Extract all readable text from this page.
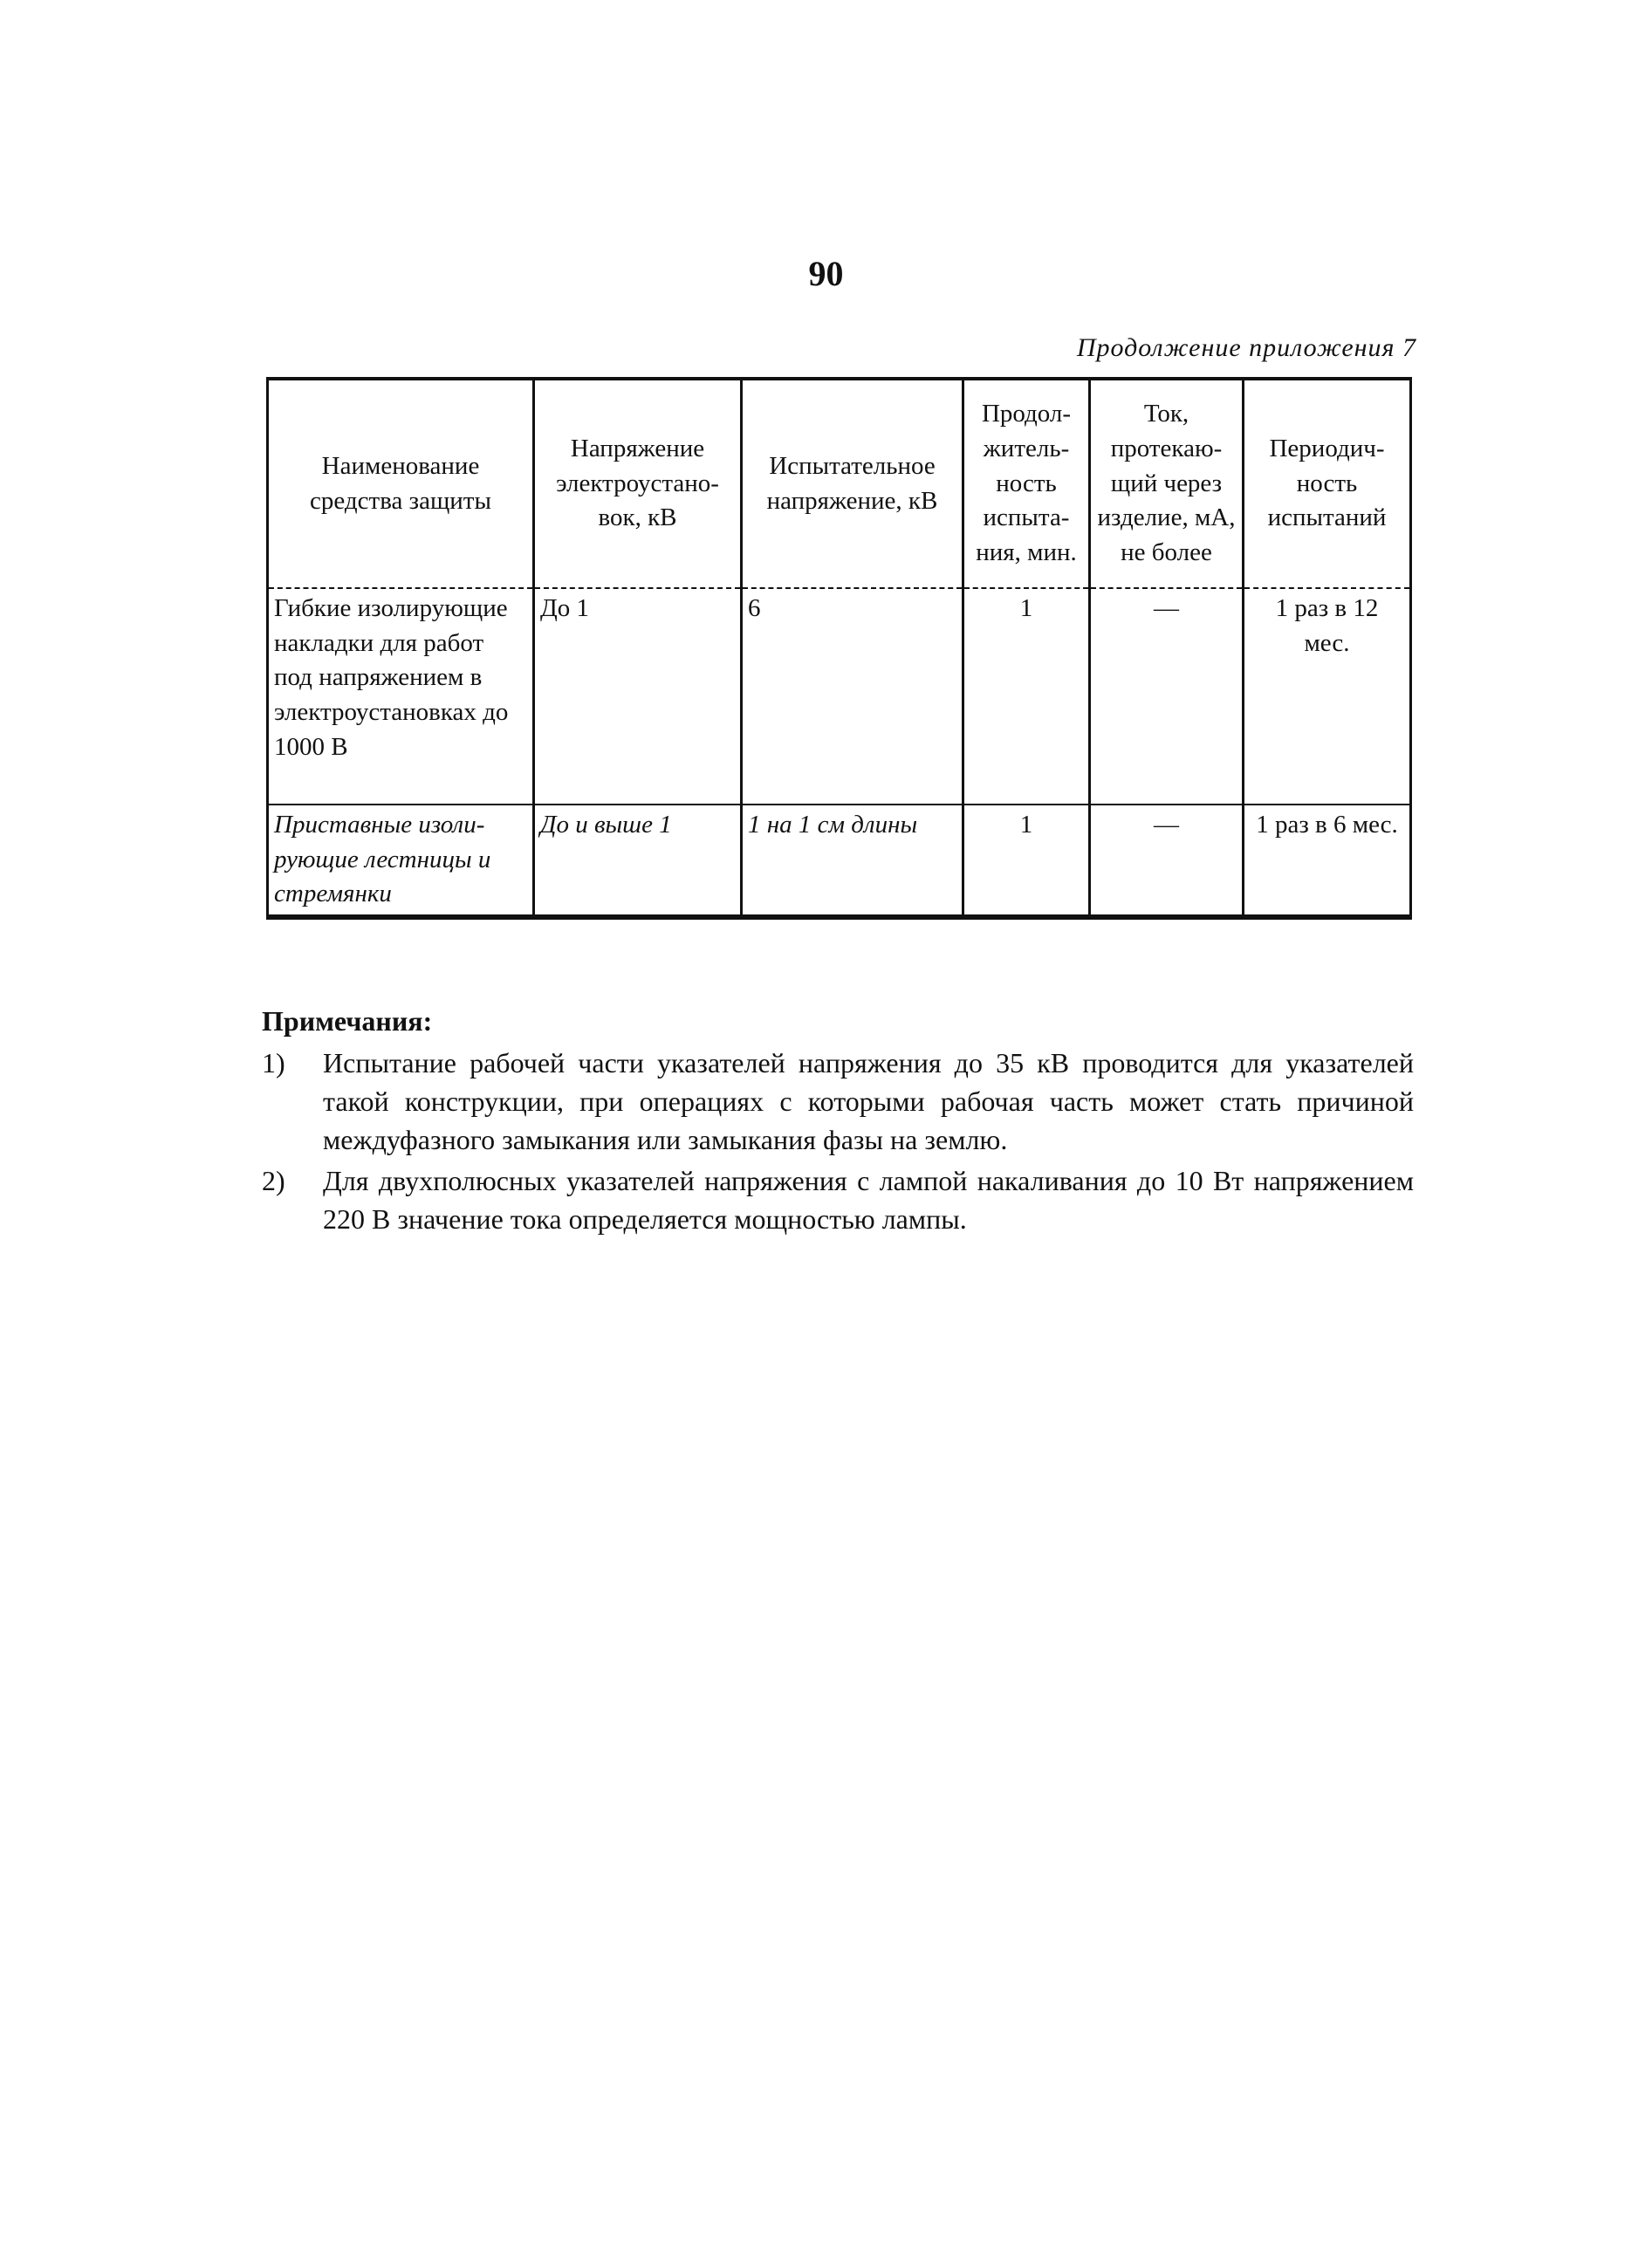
90
Продолжение приложения 7
Наименование средства защиты	Напряжение электроустано-вок, кВ	Испытательное напряжение, кВ	Продол-житель-ность испыта-ния, мин.	Ток, протекаю-щий через изделие, мА, не более	Периодич-ность испытаний
Гибкие изолирующие накладки для работ под напряжением в электроустановках до 1000 В	До 1	6	1	—	1 раз в 12 мес.
Приставные изоли-рующие лестницы и стремянки	До и выше 1	1 на 1 см длины	1	—	1 раз в 6 мес.
Примечания:
1)	Испытание рабочей части указателей напряжения до 35 кВ проводится для указателей такой конструкции, при операциях с которыми рабочая часть может стать причиной междуфазного замыкания или замыкания фазы на землю.
2)	Для двухполюсных указателей напряжения с лампой накаливания до 10 Вт напряжением 220 В значение тока определяется мощностью лампы.
